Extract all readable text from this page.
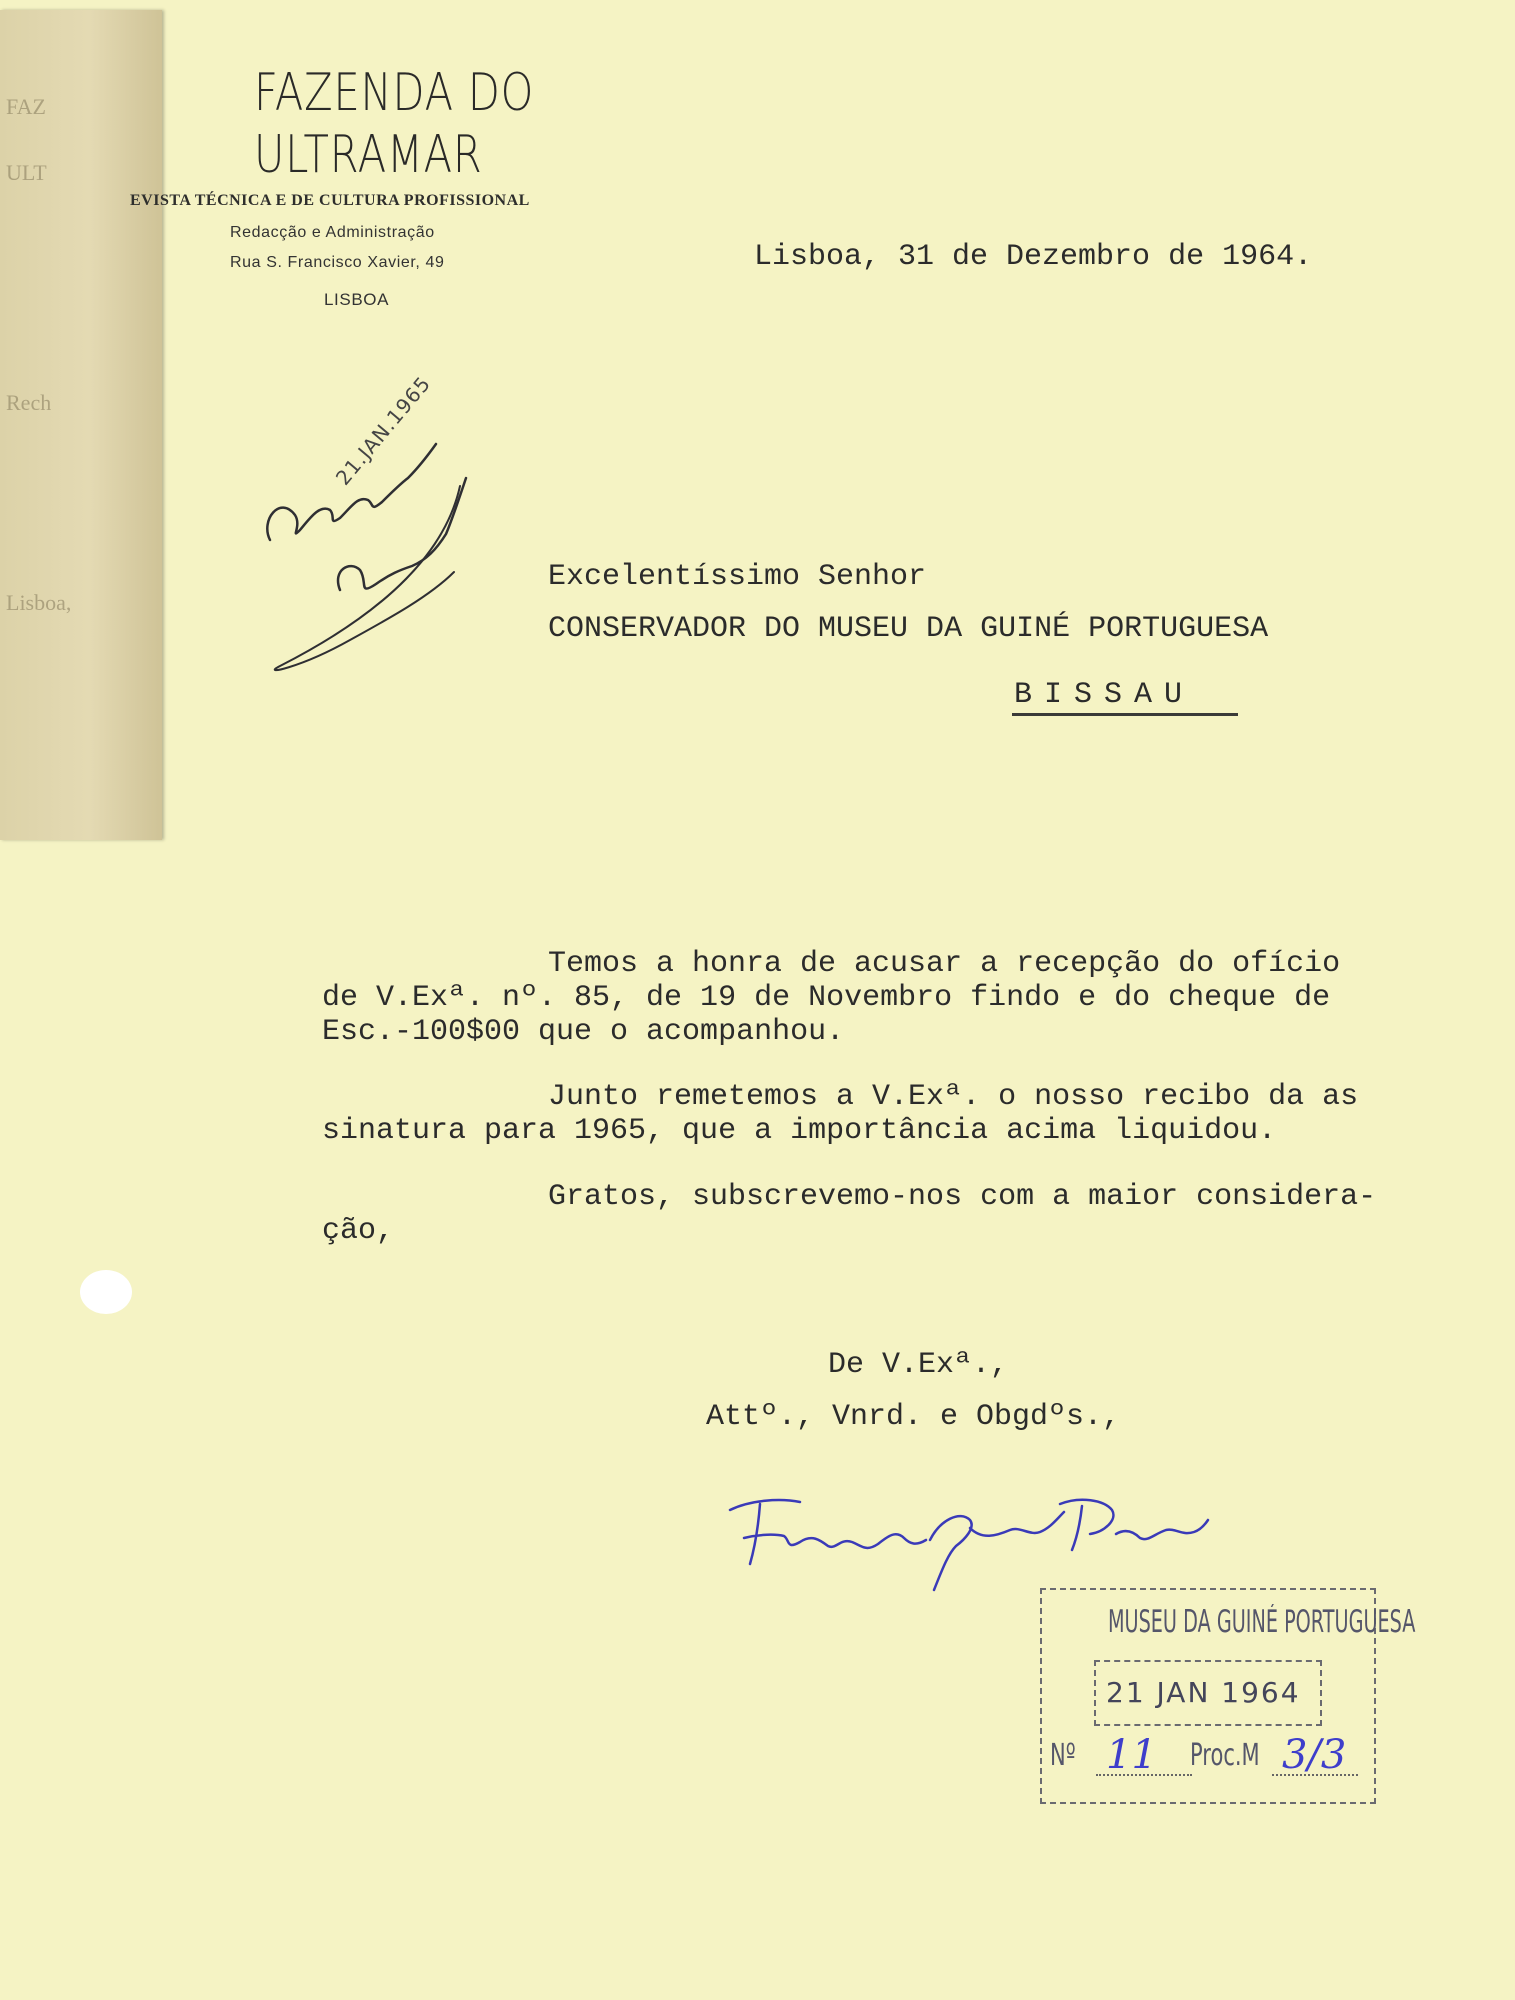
FAZ
ULT
Rech
Lisboa,
FAZENDA DO
ULTRAMAR
EVISTA TÉCNICA E DE CULTURA PROFISSIONAL
Redacção e Administração
Rua S. Francisco Xavier, 49
LISBOA
Lisboa, 31 de Dezembro de 1964.
21.JAN.1965
Excelentíssimo Senhor
CONSERVADOR DO MUSEU DA GUINÉ PORTUGUESA
BISSAU
Temos a honra de acusar a recepção do ofício
de V.Exª. nº. 85, de 19 de Novembro findo e do cheque de
Esc.-100$00 que o acompanhou.
Junto remetemos a V.Exª. o nosso recibo da as
sinatura para 1965, que a importância acima liquidou.
Gratos, subscrevemo-nos com a maior considera-
ção,
De V.Exª.,
Attº., Vnrd. e Obgdºs.,
MUSEU DA GUINÉ PORTUGUESA
21 JAN 1964
Nº 11 Proc.M 3/3
